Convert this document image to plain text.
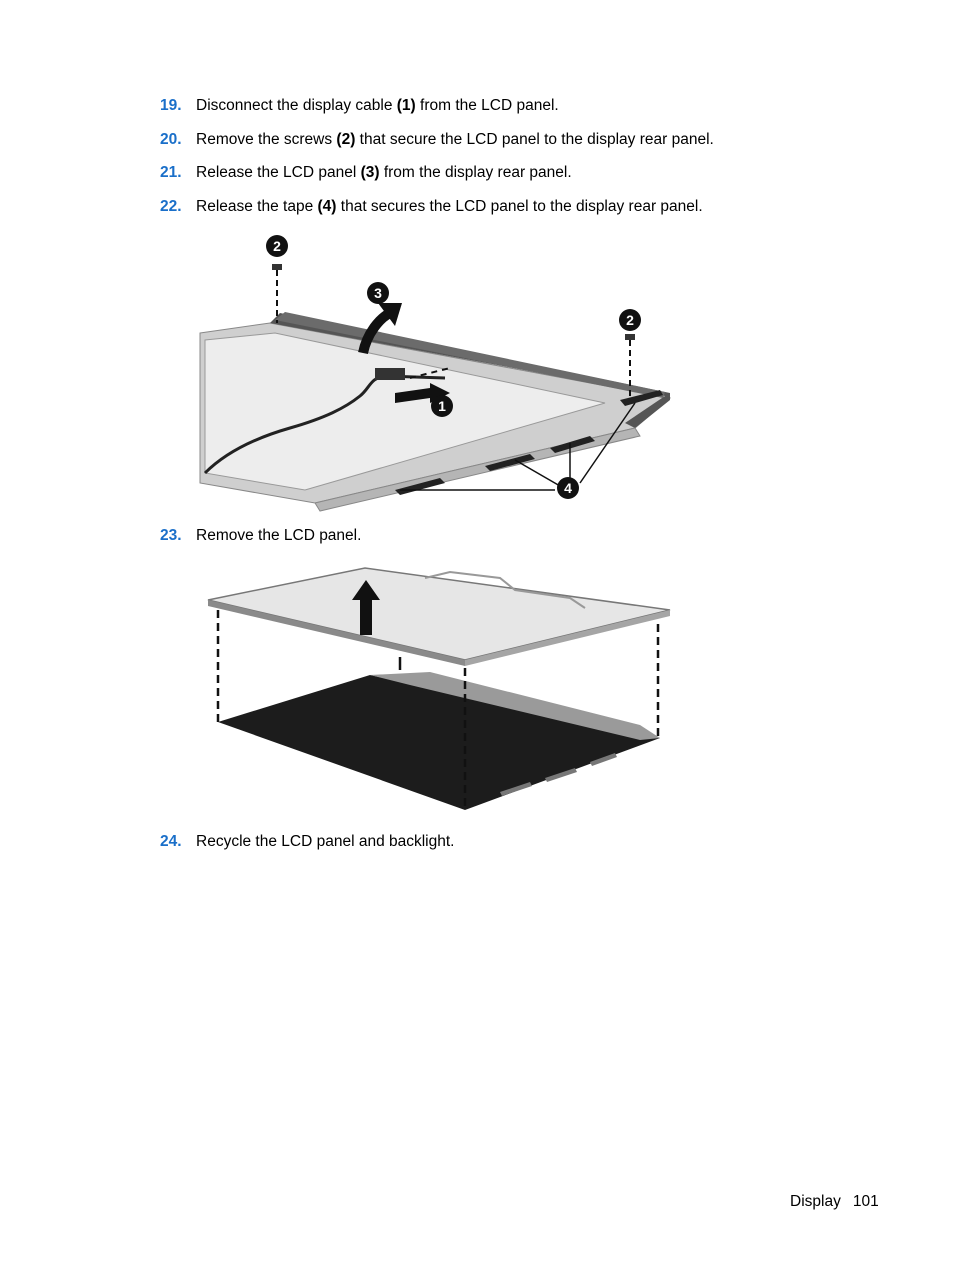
19. Disconnect the display cable (1) from the LCD panel.
20. Remove the screws (2) that secure the LCD panel to the display rear panel.
21. Release the LCD panel (3) from the display rear panel.
22. Release the tape (4) that secures the LCD panel to the display rear panel.
2
3
2
1
4
23. Remove the LCD panel.
24. Recycle the LCD panel and backlight.
Display 101
